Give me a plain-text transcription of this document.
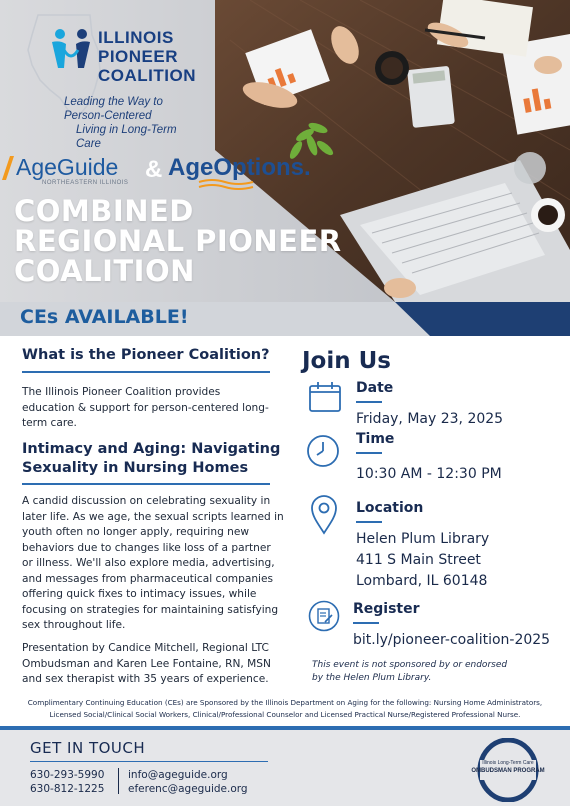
ILLINOIS
PIONEER
COALITION
Leading the Way to Person-Centered
Living in Long-Term Care
AgeGuide
NORTHEASTERN ILLINOIS & AgeOptions.
COMBINED
REGIONAL PIONEER
COALITION
CEs AVAILABLE!
What is the Pioneer Coalition?
The Illinois Pioneer Coalition provides education & support for person-centered long-term care.
Intimacy and Aging: Navigating
Sexuality in Nursing Homes
A candid discussion on celebrating sexuality in later life. As we age, the sexual scripts learned in youth often no longer apply, requiring new behaviors due to changes like loss of a partner or illness. We'll also explore media, advertising, and messages from pharmaceutical companies offering quick fixes to intimacy issues, while focusing on strategies for maintaining satisfying sex throughout life.
Presentation by Candice Mitchell, Regional LTC Ombudsman and Karen Lee Fontaine, RN, MSN and sex therapist with 35 years of experience.
Join Us
Date
Friday, May 23, 2025
Time
10:30 AM - 12:30 PM
Location
Helen Plum Library
411 S Main Street
Lombard, IL 60148
Register
bit.ly/pioneer-coalition-2025
This event is not sponsored by or endorsed
by the Helen Plum Library.
Complimentary Continuing Education (CEs) are Sponsored by the Illinois Department on Aging for the following: Nursing Home Administrators, Licensed Social/Clinical Social Workers, Clinical/Professional Counselor and Licensed Practical Nurse/Registered Professional Nurse.
GET IN TOUCH
630-293-5990
630-812-1225
info@ageguide.org
eferenc@ageguide.org
Illinois Long-Term Care
OMBUDSMAN PROGRAM
